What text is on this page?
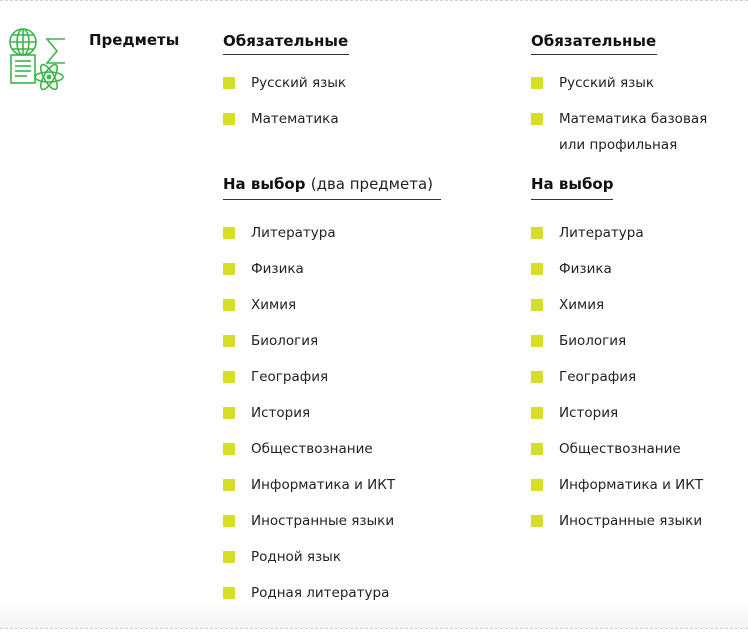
Предметы	Обязательные
Русский язык
Математика
На выбор (два предмета)
Литература
Физика
Химия
Биология
География
История
Обществознание
Информатика и ИКТ
Иностранные языки
Родной язык
Родная литература
Обязательные
Русский язык
Математика базовая или профильная
На выбор
Литература
Физика
Химия
Биология
География
История
Обществознание
Информатика и ИКТ
Иностранные языки
